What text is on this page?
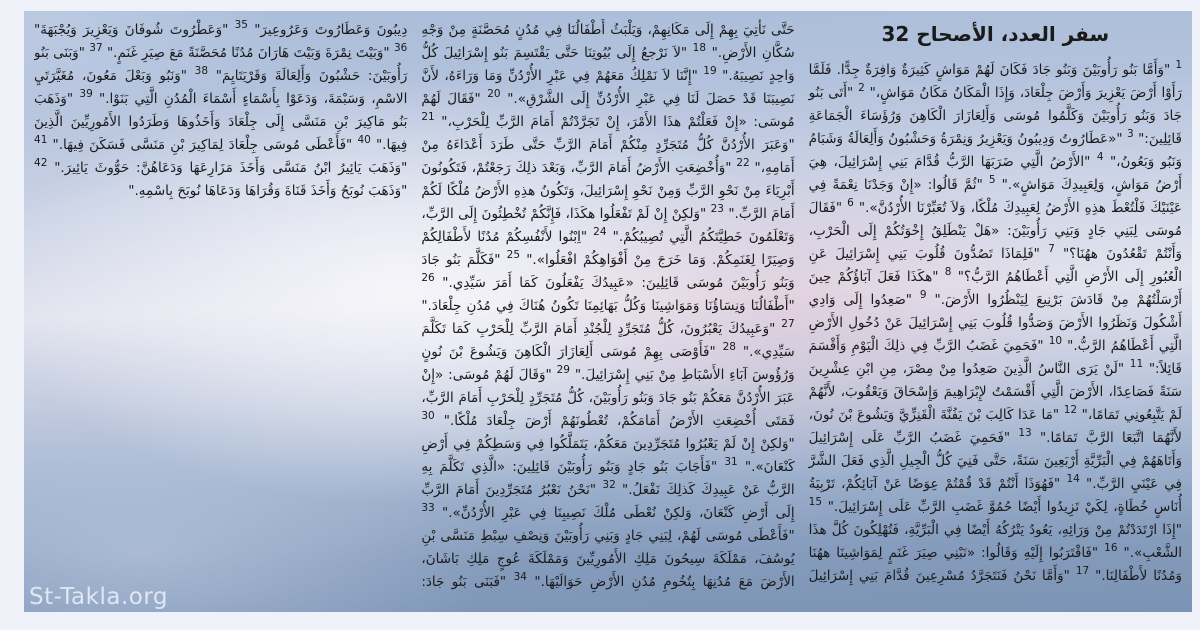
سفر العدد، الأصحاح 32
$^1$ "وَأَمَّا بَنُو رَأُوبَيْنَ وَبَنُو جَادَ فَكَانَ لَهُمْ مَوَاشٍ كَثِيرَةٌ وَافِرَةٌ جِدًّا. فَلَمَّا رَأَوْا أَرْضَ يَعْزِيرَ وَأَرْضَ جِلْعَادَ، وَإِذَا الْمَكَانُ مَكَانُ مَوَاشٍ،" $^2$ "أَتَى بَنُو جَادَ وَبَنُو رَأُوبَيْنَ وَكَلَّمُوا مُوسَى وَأَلِعَازَارَ الْكَاهِنَ وَرُؤَسَاءَ الْجَمَاعَةِ قَائِلِينَ:" $^3$ "«عَطَارُوتُ وَدِيبُونُ وَيَعْزِيرُ وَنِمْرَةُ وَحَشْبُونُ وَأَلِعَالَةُ وَشَبَامُ وَنَبُو وَبَعُونُ،" $^4$ "الأَرْضُ الَّتِي ضَرَبَهَا الرَّبُّ قُدَّامَ بَنِي إِسْرَائِيلَ، هِيَ أَرْضُ مَوَاشٍ، وَلِعَبِيدِكَ مَوَاشٍ»." $^5$ "ثُمَّ قَالُوا: «إِنْ وَجَدْنَا نِعْمَةً فِي عَيْنَيْكَ فَلْتُعْطَ هذِهِ الأَرْضُ لِعَبِيدِكَ مُلْكًا، وَلاَ تُعَبِّرْنَا الأُرْدُنَّ»." $^6$ "فَقَالَ مُوسَى لِبَنِي جَادٍ وَبَنِي رَأُوبَيْنَ: «هَلْ يَنْطَلِقُ إِخْوَتُكُمْ إِلَى الْحَرْبِ، وَأَنْتُمْ تَقْعُدُونَ ههُنَا؟" $^7$ "فَلِمَاذَا تَصُدُّونَ قُلُوبَ بَنِي إِسْرَائِيلَ عَنِ الْعُبُورِ إِلَى الأَرْضِ الَّتِي أَعْطَاهُمُ الرَّبُّ؟" $^8$ "هكَذَا فَعَلَ آبَاؤُكُمْ حِينَ أَرْسَلْتُهُمْ مِنْ قَادَشَ بَرْنِيعَ لِيَنْظُرُوا الأَرْضَ." $^9$ "صَعِدُوا إِلَى وَادِي أَشْكُولَ وَنَظَرُوا الأَرْضَ وَصَدُّوا قُلُوبَ بَنِي إِسْرَائِيلَ عَنْ دُخُولِ الأَرْضِ الَّتِي أَعْطَاهُمُ الرَّبُّ." $^{10}$ "فَحَمِيَ غَضَبُ الرَّبِّ فِي ذلِكَ الْيَوْمِ وَأَقْسَمَ قَائِلاً:" $^{11}$ "لَنْ يَرَى النَّاسُ الَّذِينَ صَعِدُوا مِنْ مِصْرَ، مِنِ ابْنِ عِشْرِينَ سَنَةً فَصَاعِدًا، الأَرْضَ الَّتِي أَقْسَمْتُ لإِبْرَاهِيمَ وَإِسْحَاقَ وَيَعْقُوبَ، لأَنَّهُمْ لَمْ يَتَّبِعُونِي تَمَامًا،" $^{12}$ "مَا عَدَا كَالِبَ بْنَ يَفُنَّةَ الْقَنِزِّيَّ وَيَشُوعَ بْنَ نُونَ، لأَنَّهُمَا اتَّبَعَا الرَّبَّ تَمَامًا." $^{13}$ "فَحَمِيَ غَضَبُ الرَّبِّ عَلَى إِسْرَائِيلَ وَأَتَاهَهُمْ فِي الْبَرِّيَّةِ أَرْبَعِينَ سَنَةً، حَتَّى فَنِيَ كُلُّ الْجِيلِ الَّذِي فَعَلَ الشَّرَّ فِي عَيْنَيِ الرَّبِّ." $^{14}$ "فَهُوَذَا أَنْتُمْ قَدْ قُمْتُمْ عِوَضًا عَنْ آبَائِكُمْ، تَرْبِيَةُ أُنَاسٍ خُطَاةٍ، لِكَيْ تَزِيدُوا أَيْضًا حُمُوَّ غَضَبِ الرَّبِّ عَلَى إِسْرَائِيلَ." $^{15}$ "إِذَا ارْتَدَدْتُمْ مِنْ وَرَائِهِ، يَعُودُ يَتْرُكُهُ أَيْضًا فِي الْبَرِّيَّةِ، فَتُهْلِكُونَ كُلَّ هذَا الشَّعْبِ»." $^{16}$ "فَاقْتَرَبُوا إِلَيْهِ وَقَالُوا: «نَبْنِي صِيَرَ غَنَمٍ لِمَوَاشِينَا ههُنَا وَمُدُنًا لأَطْفَالِنَا." $^{17}$ "وَأَمَّا نَحْنُ فَنَتَجَرَّدُ مُسْرِعِينَ قُدَّامَ بَنِي إِسْرَائِيلَ حَتَّى نَأْتِيَ بِهِمْ إِلَى مَكَانِهِمْ، وَيَلْبَثُ أَطْفَالُنَا فِي مُدُنٍ مُحَصَّنَةٍ مِنْ وَجْهِ سُكَّانِ الأَرْضِ." $^{18}$ "لاَ نَرْجعُ إِلَى بُيُوتِنَا حَتَّى يَقْتَسِمَ بَنُو إِسْرَائِيلَ كُلُّ وَاحِدٍ نَصِيبَهُ." $^{19}$ "إِنَّنَا لاَ نَمْلِكُ مَعَهُمْ فِي عَبْرِ الأُرْدُنِّ وَمَا وَرَاءَهُ، لأَنَّ نَصِيبَنَا قَدْ حَصَلَ لَنَا فِي عَبْرِ الأُرْدُنِّ إِلَى الشَّرْقِ»." $^{20}$ "فَقَالَ لَهُمْ مُوسَى: «إِنْ فَعَلْتُمْ هذَا الأَمْرَ، إِنْ تَجَرَّدْتُمْ أَمَامَ الرَّبِّ لِلْحَرْبِ،" $^{21}$ "وَعَبَرَ الأُرْدُنَّ كُلُّ مُتَجَرِّدٍ مِنْكُمْ أَمَامَ الرَّبِّ حَتَّى طَرَدَ أَعْدَاءَهُ مِنْ أَمَامِهِ،" $^{22}$ "وَأُخْضِعَتِ الأَرْضُ أَمَامَ الرَّبِّ، وَبَعْدَ ذلِكَ رَجَعْتُمْ، فَتَكُونُونَ أَبْرِيَاءَ مِنْ نَحْوِ الرَّبِّ وَمِنْ نَحْوِ إِسْرَائِيلَ، وَتَكُونُ هذِهِ الأَرْضُ مُلْكًا لَكُمْ أَمَامَ الرَّبِّ." $^{23}$ "وَلكِنْ إِنْ لَمْ تَفْعَلُوا هكَذَا، فَإِنَّكُمْ تُخْطِئُونَ إِلَى الرَّبِّ، وَتَعْلَمُونَ خَطِيَّتَكُمُ الَّتِي تُصِيبُكُمْ." $^{24}$ "اِبْنُوا لأَنْفُسِكُمْ مُدُنًا لأَطْفَالِكُمْ وَصِيَرًا لِغَنَمِكُمْ. وَمَا خَرَجَ مِنْ أَفْوَاهِكُمْ افْعَلُوا»." $^{25}$ "فَكَلَّمَ بَنُو جَادَ وَبَنُو رَأُوبَيْنَ مُوسَى قَائِلِينَ: «عَبِيدُكَ يَفْعَلُونَ كَمَا أَمَرَ سَيِّدِي." $^{26}$ "أَطْفَالُنَا وَنِسَاؤُنَا وَمَوَاشِينَا وَكُلُّ بَهَائِمِنَا تَكُونُ هُنَاكَ فِي مُدُنِ جِلْعَادَ." $^{27}$ "وَعَبِيدُكَ يَعْبُرُونَ، كُلُّ مُتَجَرِّدٍ لِلْجُنْدِ أَمَامَ الرَّبِّ لِلْحَرْبِ كَمَا تَكَلَّمَ سَيِّدِي»." $^{28}$ "فَأَوْصَى بِهِمْ مُوسَى أَلِعَازَارَ الْكَاهِنَ وَيَشُوعَ بْنَ نُونٍ وَرُؤُوسَ آبَاءِ الأَسْبَاطِ مِنْ بَنِي إِسْرَائِيلَ." $^{29}$ "وَقَالَ لَهُمْ مُوسَى: «إِنْ عَبَرَ الأُرْدُنَّ مَعَكُمْ بَنُو جَادَ وَبَنُو رَأُوبَيْنَ، كُلُّ مُتَجَرِّدٍ لِلْحَرْبِ أَمَامَ الرَّبِّ، فَمَتَى أُخْضِعَتِ الأَرْضُ أَمَامَكُمْ، تُعْطُونَهُمْ أَرْضَ جِلْعَادَ مُلْكًا." $^{30}$ "وَلكِنْ إِنْ لَمْ يَعْبُرُوا مُتَجَرِّدِينَ مَعَكُمْ، يَتَمَلَّكُوا فِي وَسَطِكُمْ فِي أَرْضِ كَنْعَانَ»." $^{31}$ "فَأَجَابَ بَنُو جَادٍ وَبَنُو رَأُوبَيْنَ قَائِلِينَ: «الَّذِي تَكَلَّمَ بِهِ الرَّبُّ عَنْ عَبِيدِكَ كَذلِكَ نَفْعَلُ." $^{32}$ "نَحْنُ نَعْبُرُ مُتَجَرِّدِينَ أَمَامَ الرَّبِّ إِلَى أَرْضِ كَنْعَانَ، وَلكِنْ نُعْطَى مُلْكَ نَصِيبِنَا فِي عَبْرِ الأُرْدُنِّ»." $^{33}$ "فَأَعْطَى مُوسَى لَهُمْ، لِبَنِي جَادٍ وَبَنِي رَأُوبَيْنَ وَنِصْفِ سِبْطِ مَنَسَّى بْنِ يُوسُفَ، مَمْلَكَةَ سِيحُونَ مَلِكِ الأَمُورِيِّينَ وَمَمْلَكَةَ عُوجٍ مَلِكِ بَاشَانَ، الأَرْضَ مَعَ مُدُنِهَا بِتُخُومِ مُدُنِ الأَرْضِ حَوَالَيْهَا." $^{34}$ "فَبَنَى بَنُو جَادَ: دِيبُونَ وَعَطَارُوتَ وَعَرُوعِيرَ" $^{35}$ "وَعَطْرُوتَ شُوفَانَ وَيَعْزِيرَ وَيُجْبَهَةَ" $^{36}$ "وَبَيْتَ نِمْرَةَ وَبَيْتَ هَارَانَ مُدُنًا مُحَصَّنَةً مَعَ صِيَرِ غَنَمٍ." $^{37}$ "وَبَنَى بَنُو رَأُوبَيْنَ: حَشْبُونَ وَأَلِعَالَةَ وَقَرْيَتَايِمَ" $^{38}$ "وَنَبُو وَبَعْلَ مَعُونَ، مُغَيَّرَتَيِ الاسْمِ، وَسَبْمَةَ، وَدَعَوْا بِأَسْمَاءٍ أَسْمَاءَ الْمُدُنِ الَّتِي بَنَوْا." $^{39}$ "وَذَهَبَ بَنُو مَاكِيرَ بْنِ مَنَسَّى إِلَى جِلْعَادَ وَأَخَذُوهَا وَطَرَدُوا الأَمُورِيِّينَ الَّذِينَ فِيهَا." $^{40}$ "فَأَعْطَى مُوسَى جِلْعَادَ لِمَاكِيرَ بْنِ مَنَسَّى فَسَكَنَ فِيهَا." $^{41}$ "وَذَهَبَ يَائِيرُ ابْنُ مَنَسَّى وَأَخَذَ مَزَارِعَهَا وَدَعَاهُنَّ: حَوُّوثَ يَائِيرَ." $^{42}$ "وَذَهَبَ نُوبَحُ وَأَخَذَ قَنَاةَ وَقُرَاهَا وَدَعَاهَا نُوبَحَ بِاسْمِهِ."
St-Takla.org
